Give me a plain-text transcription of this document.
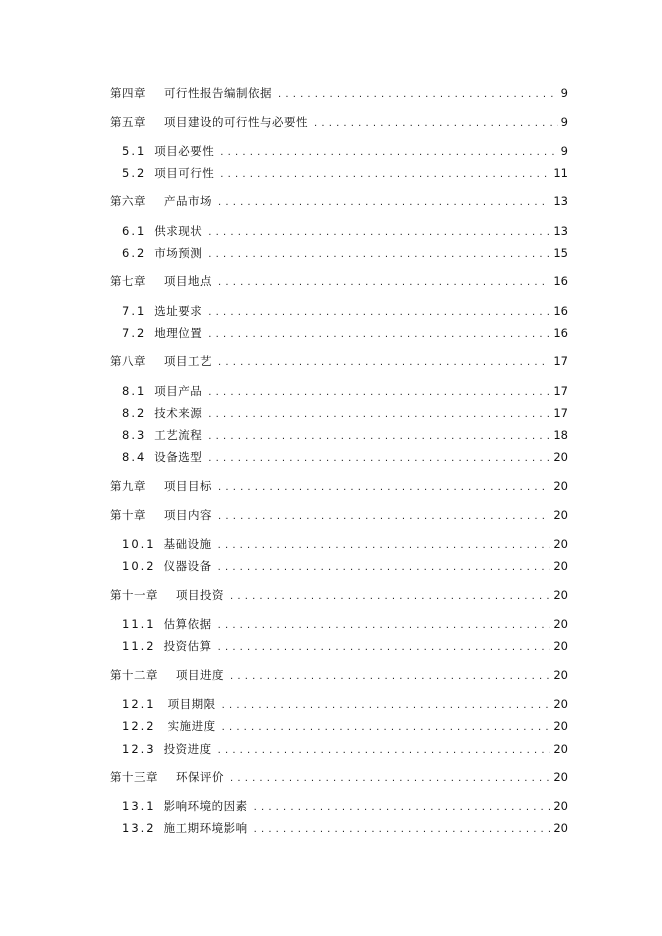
第四章 可行性报告编制依据 . . .	9
第五章 项目建设的可行性与必要性 . . .	9
5.1 项目必要性 . . .	9
5.2 项目可行性 . . .	11
第六章 产品市场 . . .	13
6.1 供求现状 . . .	13
6.2 市场预测 . . .	15
第七章 项目地点 . . .	16
7.1 选址要求 . . .	16
7.2 地理位置 . . .	16
第八章 项目工艺 . . .	17
8.1 项目产品 . . .	17
8.2 技术来源 . . .	17
8.3 工艺流程 . . .	18
8.4 设备选型 . . .	20
第九章 项目目标 . . .	20
第十章 项目内容 . . .	20
10.1 基础设施 . . .	20
10.2 仪器设备 . . .	20
第十一章 项目投资 . . .	20
11.1 估算依据 . . .	20
11.2 投资估算 . . .	20
第十二章 项目进度 . . .	20
12.1 项目期限 . . .	20
12.2 实施进度 . . .	20
12.3 投资进度 . . .	20
第十三章 环保评价 . . .	20
13.1 影响环境的因素 . . .	20
13.2 施工期环境影响 . . .	20
